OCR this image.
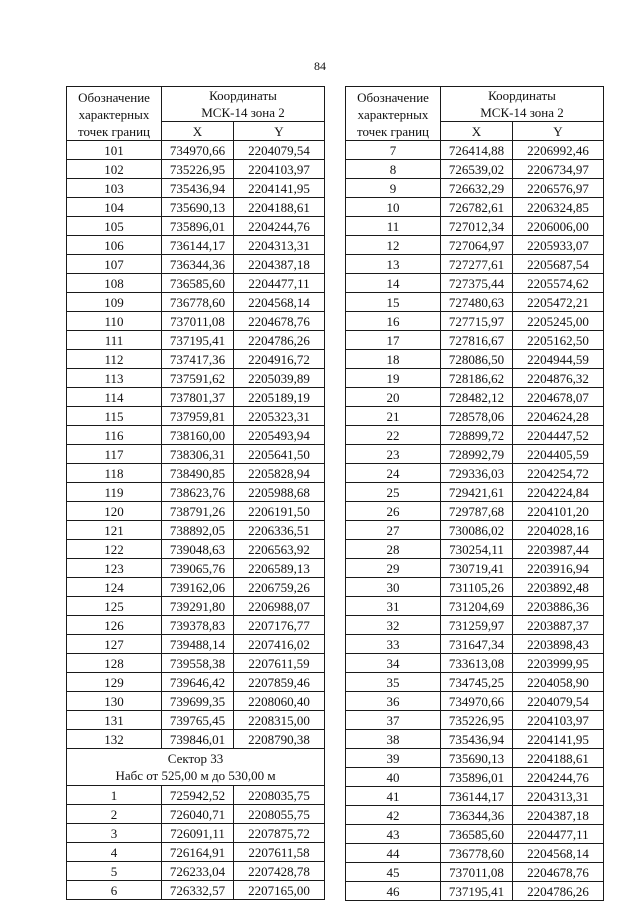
84
Обозначение
характерных
точек границ	Координаты
МСК-14 зона 2	
	X	Y
101	734970,66	2204079,54
102	735226,95	2204103,97
103	735436,94	2204141,95
104	735690,13	2204188,61
105	735896,01	2204244,76
106	736144,17	2204313,31
107	736344,36	2204387,18
108	736585,60	2204477,11
109	736778,60	2204568,14
110	737011,08	2204678,76
111	737195,41	2204786,26
112	737417,36	2204916,72
113	737591,62	2205039,89
114	737801,37	2205189,19
115	737959,81	2205323,31
116	738160,00	2205493,94
117	738306,31	2205641,50
118	738490,85	2205828,94
119	738623,76	2205988,68
120	738791,26	2206191,50
121	738892,05	2206336,51
122	739048,63	2206563,92
123	739065,76	2206589,13
124	739162,06	2206759,26
125	739291,80	2206988,07
126	739378,83	2207176,77
127	739488,14	2207416,02
128	739558,38	2207611,59
129	739646,42	2207859,46
130	739699,35	2208060,40
131	739765,45	2208315,00
132	739846,01	2208790,38
Сектор 33
Набс от 525,00 м до 530,00 м		
1	725942,52	2208035,75
2	726040,71	2208055,75
3	726091,11	2207875,72
4	726164,91	2207611,58
5	726233,04	2207428,78
6	726332,57	2207165,00
Обозначение
характерных
точек границ	Координаты
МСК-14 зона 2	
	X	Y
7	726414,88	2206992,46
8	726539,02	2206734,97
9	726632,29	2206576,97
10	726782,61	2206324,85
11	727012,34	2206006,00
12	727064,97	2205933,07
13	727277,61	2205687,54
14	727375,44	2205574,62
15	727480,63	2205472,21
16	727715,97	2205245,00
17	727816,67	2205162,50
18	728086,50	2204944,59
19	728186,62	2204876,32
20	728482,12	2204678,07
21	728578,06	2204624,28
22	728899,72	2204447,52
23	728992,79	2204405,59
24	729336,03	2204254,72
25	729421,61	2204224,84
26	729787,68	2204101,20
27	730086,02	2204028,16
28	730254,11	2203987,44
29	730719,41	2203916,94
30	731105,26	2203892,48
31	731204,69	2203886,36
32	731259,97	2203887,37
33	731647,34	2203898,43
34	733613,08	2203999,95
35	734745,25	2204058,90
36	734970,66	2204079,54
37	735226,95	2204103,97
38	735436,94	2204141,95
39	735690,13	2204188,61
40	735896,01	2204244,76
41	736144,17	2204313,31
42	736344,36	2204387,18
43	736585,60	2204477,11
44	736778,60	2204568,14
45	737011,08	2204678,76
46	737195,41	2204786,26
